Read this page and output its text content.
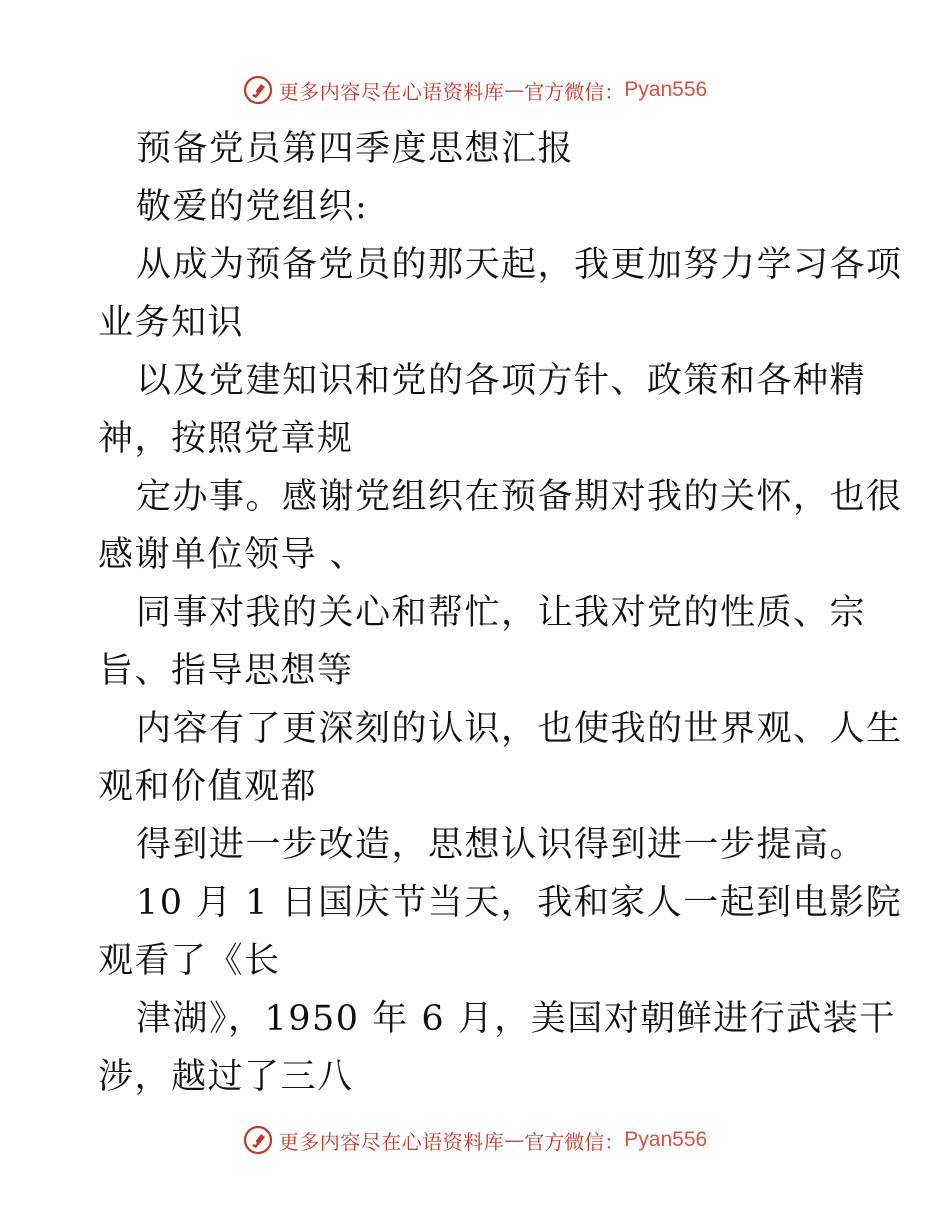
更多内容尽在心语资料库 — 官方微信： Pyan556
预备党员第四季度思想汇报
敬爱的党组织:
从成为预备党员的那天起，我更加努力学习各项
业务知识
以及党建知识和党的各项方针、政策和各种精
神，按照党章规
定办事。感谢党组织在预备期对我的关怀，也很
感谢单位领导 、
同事对我的关心和帮忙，让我对党的性质、宗
旨、指导思想等
内容有了更深刻的认识，也使我的世界观、人生
观和价值观都
得到进一步改造，思想认识得到进一步提高。
10 月 1 日国庆节当天，我和家人一起到电影院
观看了《长
津湖》，1950 年 6 月，美国对朝鲜进行武装干
涉，越过了三八
更多内容尽在心语资料库 — 官方微信： Pyan556
